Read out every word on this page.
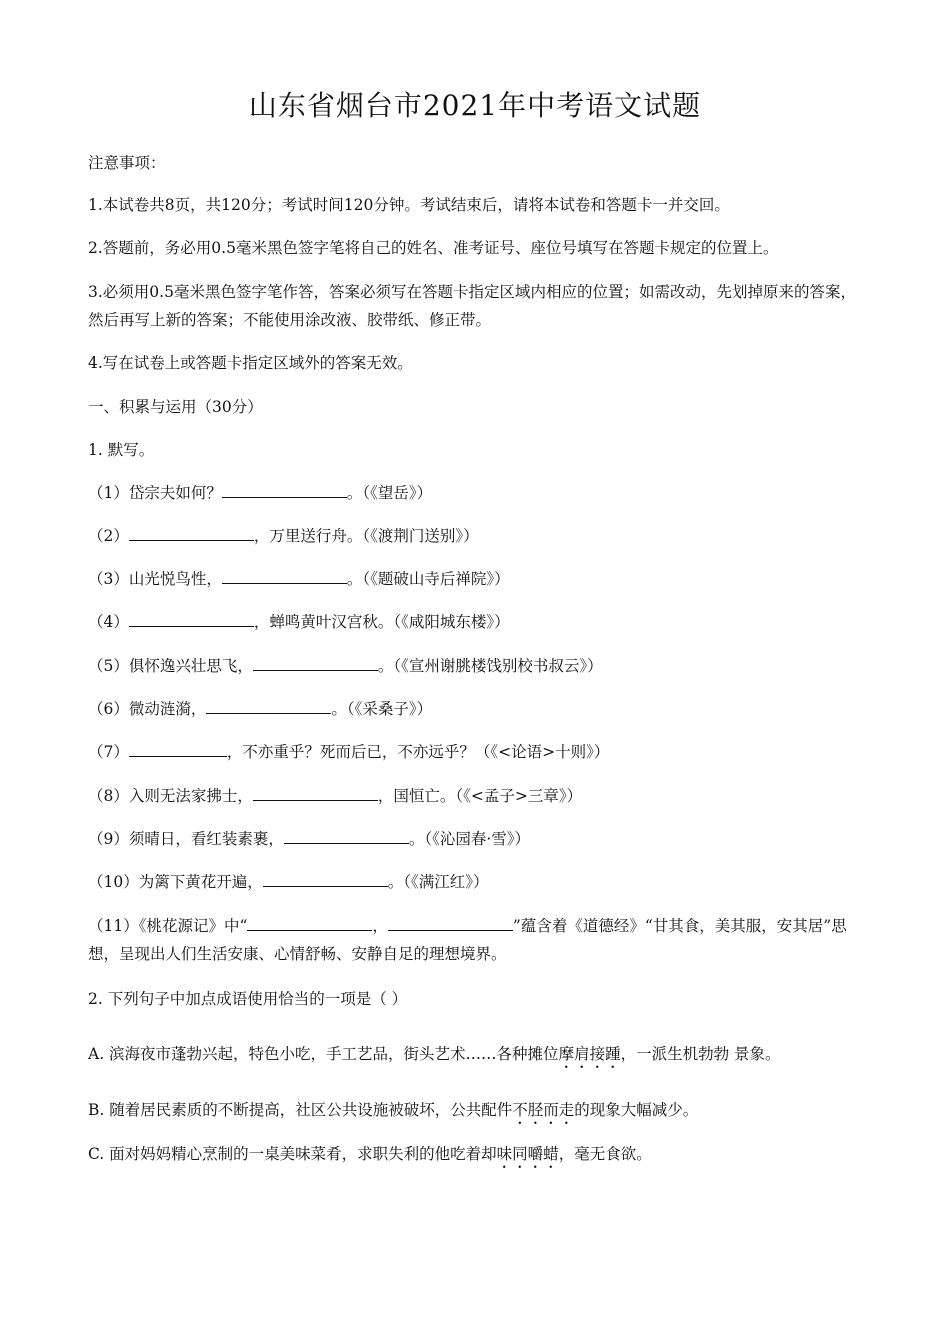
山东省烟台市2021年中考语文试题
注意事项：
1.本试卷共8页，共120分；考试时间120分钟。考试结束后，请将本试卷和答题卡一并交回。
2.答题前，务必用0.5毫米黑色签字笔将自己的姓名、准考证号、座位号填写在答题卡规定的位置上。
3.必须用0.5毫米黑色签字笔作答，答案必须写在答题卡指定区域内相应的位置；如需改动，先划掉原来的答案，然后再写上新的答案；不能使用涂改液、胶带纸、修正带。
4.写在试卷上或答题卡指定区域外的答案无效。
一、积累与运用（30分）
1. 默写。
（1）岱宗夫如何？	。（《望岳》）
（2）	，万里送行舟。（《渡荆门送别》）
（3）山光悦鸟性，	。（《题破山寺后禅院》）
（4）	，蝉鸣黄叶汉宫秋。（《咸阳城东楼》）
（5）俱怀逸兴壮思飞，	。（《宣州谢朓楼饯别校书叔云》）
（6）微动涟漪，	。（《采桑子》）
（7）	，不亦重乎？死而后已，不亦远乎？（《<论语>十则》）
（8）入则无法家拂士，	，国恒亡。（《<孟子>三章》）
（9）须晴日，看红装素裹，	。（《沁园春·雪》）
（10）为篱下黄花开遍，	。（《满江红》）
（11）《桃花源记》中“	，	”蕴含着《道德经》“甘其食，美其服，安其居”思想，呈现出人们生活安康、心情舒畅、安静自足的理想境界。
2. 下列句子中加点成语使用恰当的一项是（ ）
A. 滨海夜市蓬勃兴起，特色小吃，手工艺品，街头艺术……各种摊位摩肩接踵，一派生机勃勃 景象。
B. 随着居民素质的不断提高，社区公共设施被破坏，公共配件不胫而走的现象大幅减少。
C. 面对妈妈精心烹制的一桌美味菜肴，求职失利的他吃着却味同嚼蜡，毫无食欲。
